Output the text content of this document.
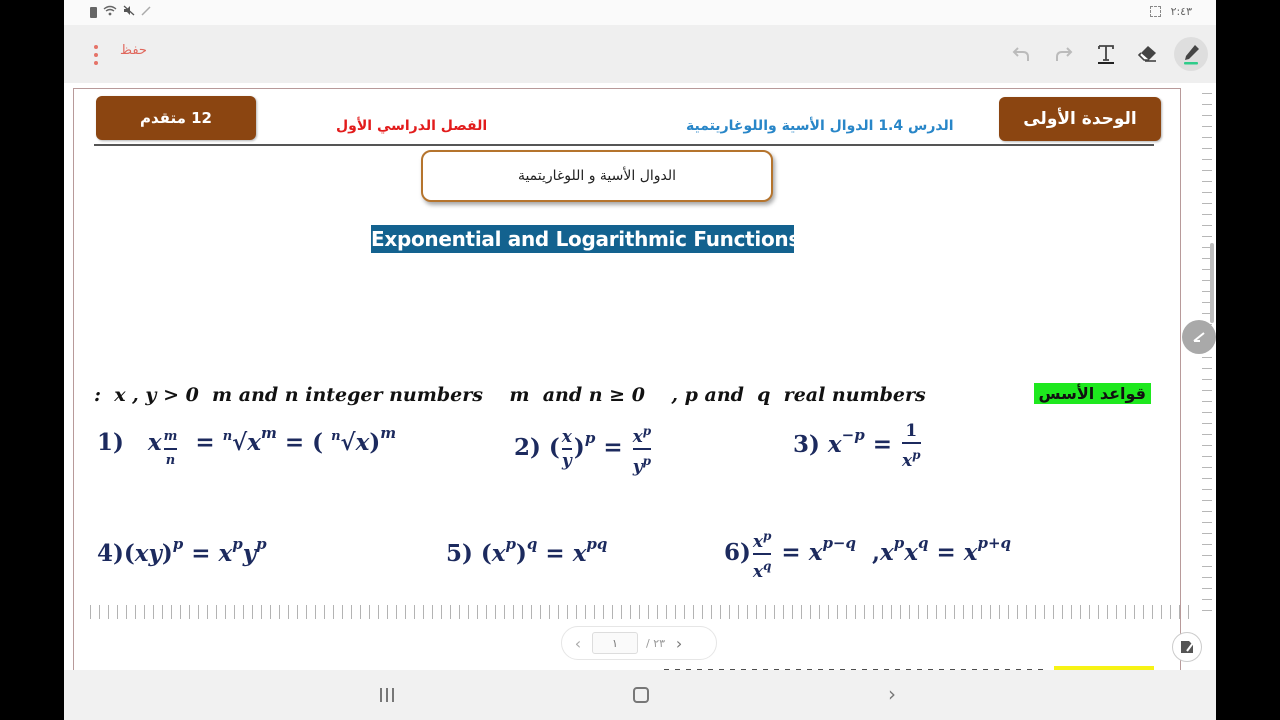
٢:٤٣
حفظ
12 متقدم	الفصل الدراسي الأول	الدرس 1.4 الدوال الأسية واللوغاريتمية	الوحدة الأولى
الدوال الأسية و اللوغاريتمية
Exponential and Logarithmic Functions
:  x , y > 0  m and n integer numbers    m  and n ≥ 0    , p and  q  real numbers	قواعد الأسس
1) x $\frac{m}{n} = ^n√x^m$ = ( $^n$√x)$^m$
2) ( $\frac{x}{y} )^p = \frac{x^p}{y^p}$	3) $x^{-p} = \frac{1}{x^p}$
$4)(xy)^p = x^py^p$	5) $(x^p)^q = x^{pq}$	$6) \frac{x^p}{x^q} = x^{p-q}$  $,x^px^q = x^{p+q}$
‹
١	/ ٢٣ ›
›
